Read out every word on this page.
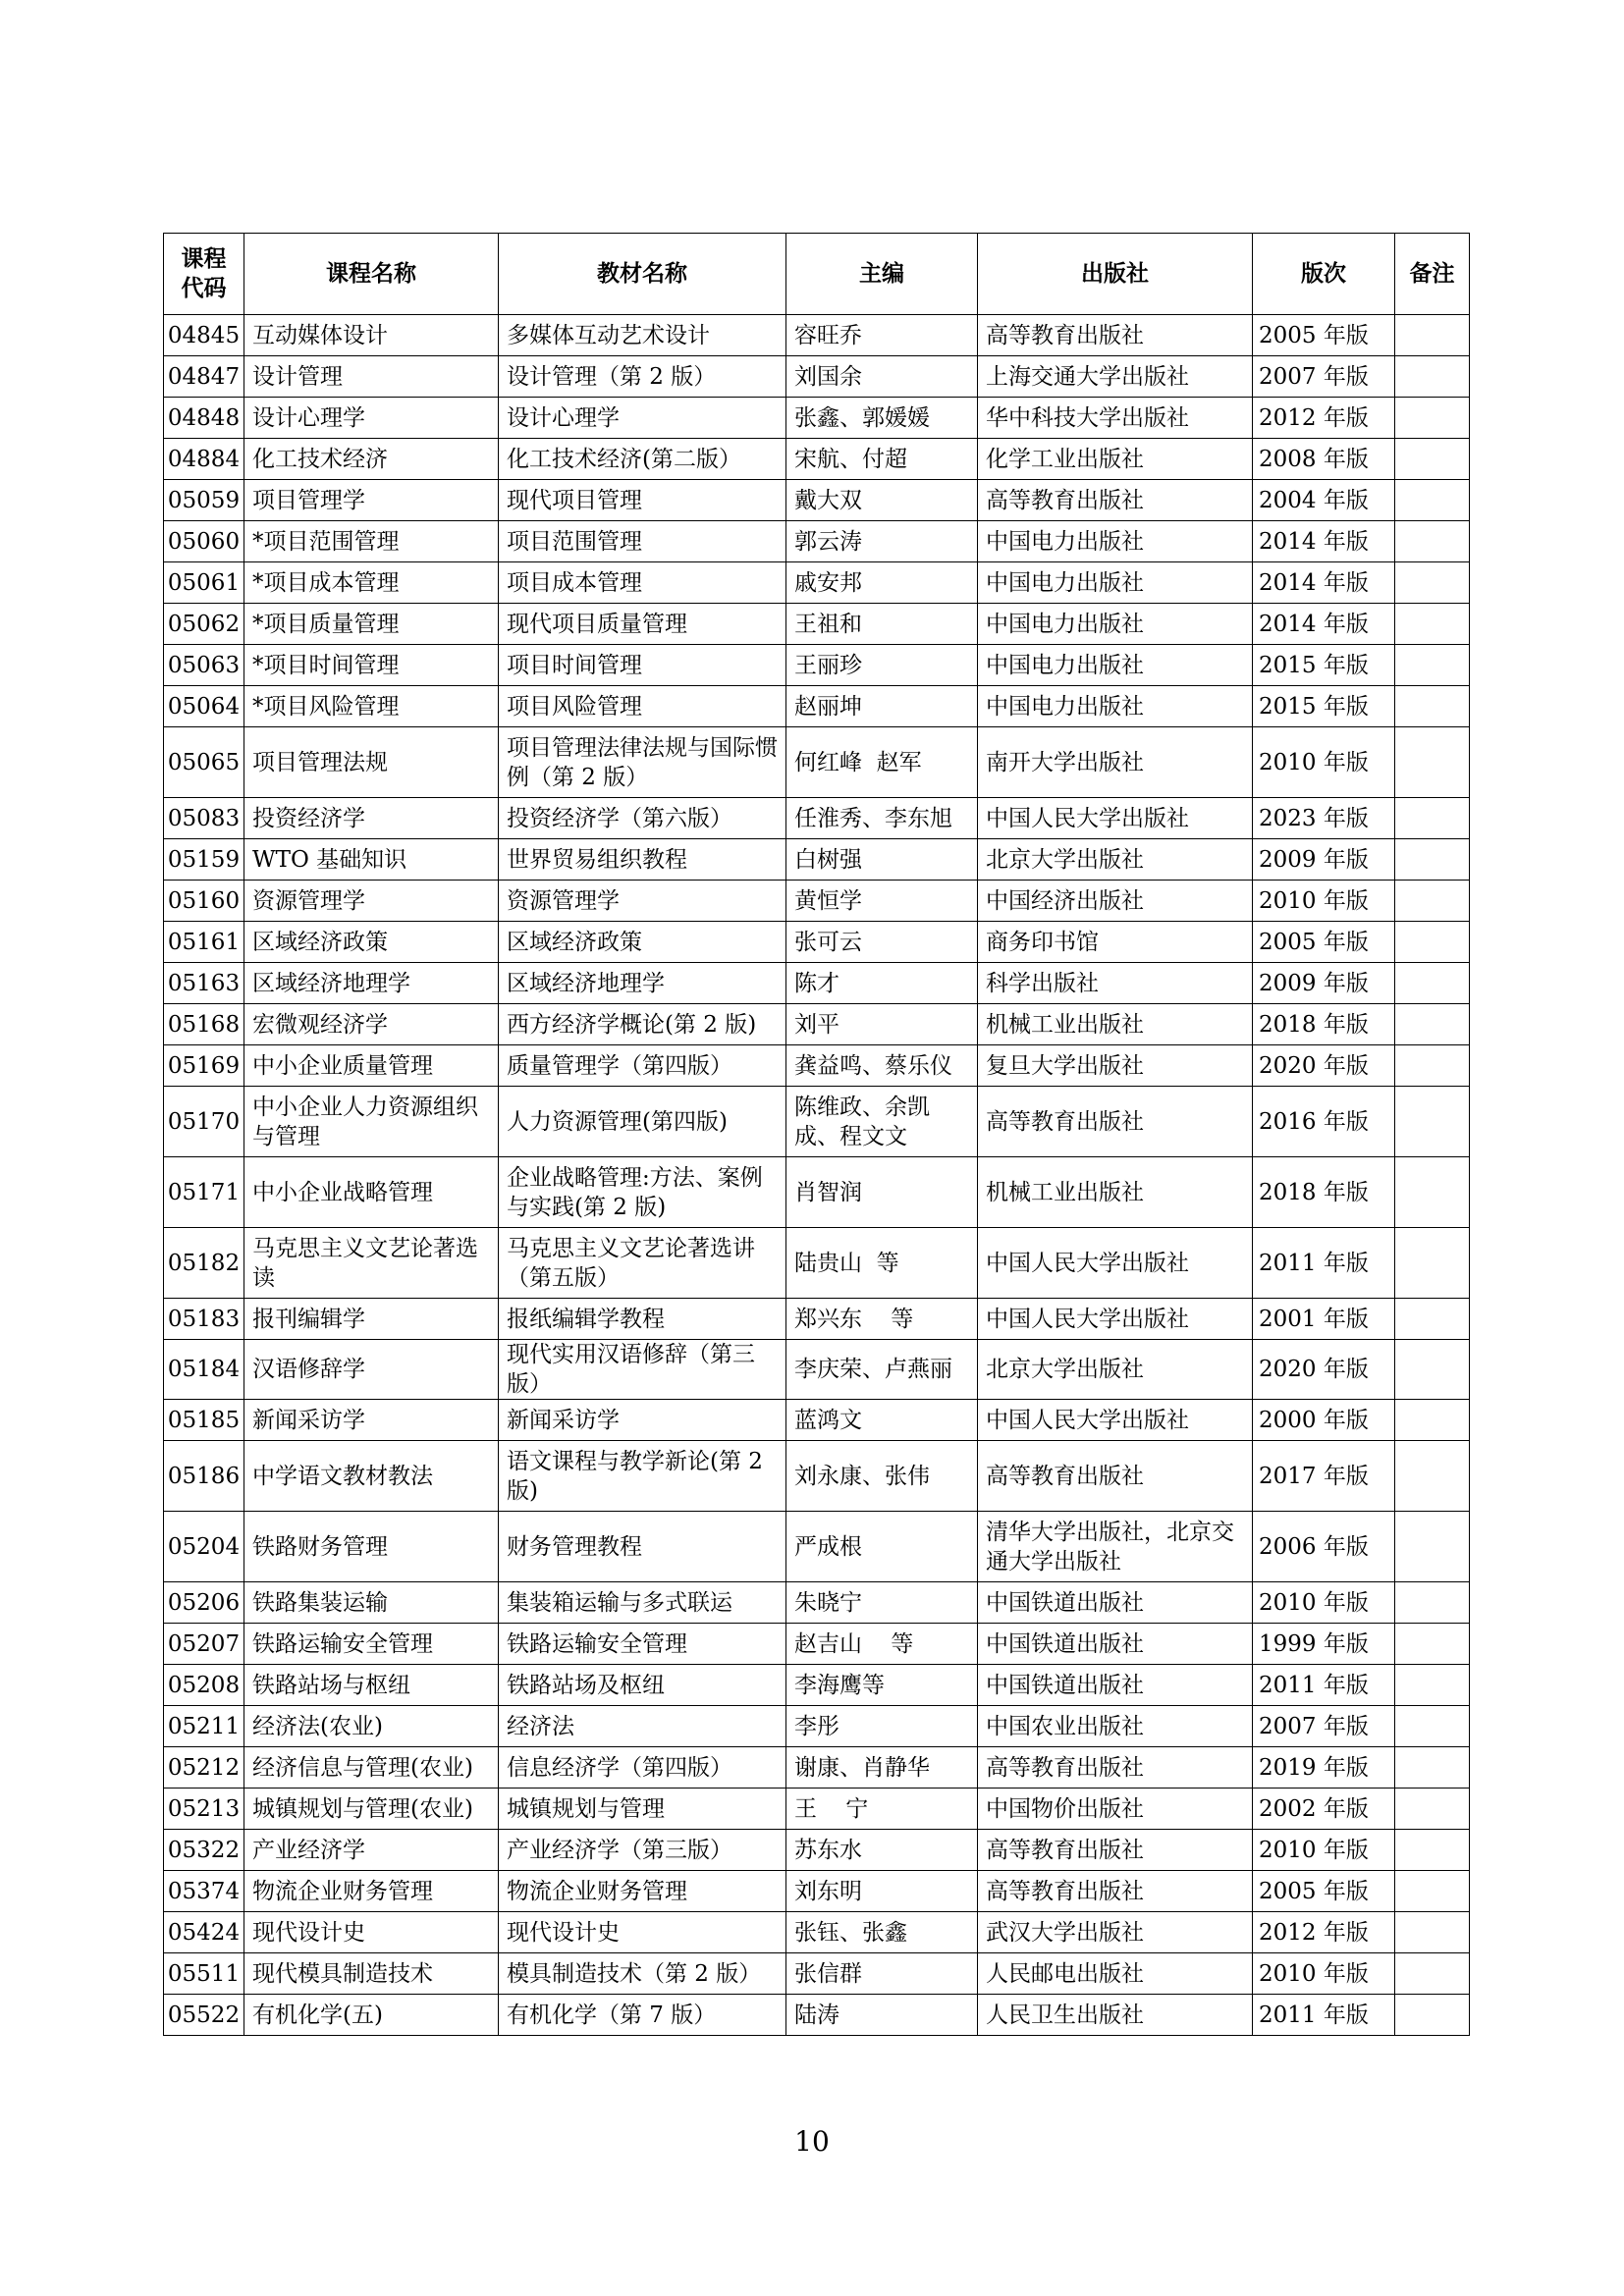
课程
代码	课程名称	教材名称	主编	出版社	版次	备注
04845	互动媒体设计	多媒体互动艺术设计	容旺乔	高等教育出版社	2005 年版	
04847	设计管理	设计管理（第 2 版）	刘国余	上海交通大学出版社	2007 年版	
04848	设计心理学	设计心理学	张鑫、郭媛媛	华中科技大学出版社	2012 年版	
04884	化工技术经济	化工技术经济(第二版）	宋航、付超	化学工业出版社	2008 年版	
05059	项目管理学	现代项目管理	戴大双	高等教育出版社	2004 年版	
05060	*项目范围管理	项目范围管理	郭云涛	中国电力出版社	2014 年版	
05061	*项目成本管理	项目成本管理	戚安邦	中国电力出版社	2014 年版	
05062	*项目质量管理	现代项目质量管理	王祖和	中国电力出版社	2014 年版	
05063	*项目时间管理	项目时间管理	王丽珍	中国电力出版社	2015 年版	
05064	*项目风险管理	项目风险管理	赵丽坤	中国电力出版社	2015 年版	
05065	项目管理法规	项目管理法律法规与国际惯例（第 2 版）	何红峰  赵军	南开大学出版社	2010 年版	
05083	投资经济学	投资经济学（第六版）	任淮秀、李东旭	中国人民大学出版社	2023 年版	
05159	WTO 基础知识	世界贸易组织教程	白树强	北京大学出版社	2009 年版	
05160	资源管理学	资源管理学	黄恒学	中国经济出版社	2010 年版	
05161	区域经济政策	区域经济政策	张可云	商务印书馆	2005 年版	
05163	区域经济地理学	区域经济地理学	陈才	科学出版社	2009 年版	
05168	宏微观经济学	西方经济学概论(第 2 版)	刘平	机械工业出版社	2018 年版	
05169	中小企业质量管理	质量管理学（第四版）	龚益鸣、蔡乐仪	复旦大学出版社	2020 年版	
05170	中小企业人力资源组织与管理	人力资源管理(第四版)	陈维政、余凯成、程文文	高等教育出版社	2016 年版	
05171	中小企业战略管理	企业战略管理:方法、案例与实践(第 2 版)	肖智润	机械工业出版社	2018 年版	
05182	马克思主义文艺论著选读	马克思主义文艺论著选讲（第五版）	陆贵山  等	中国人民大学出版社	2011 年版	
05183	报刊编辑学	报纸编辑学教程	郑兴东    等	中国人民大学出版社	2001 年版	
05184	汉语修辞学	现代实用汉语修辞（第三版）	李庆荣、卢燕丽	北京大学出版社	2020 年版	
05185	新闻采访学	新闻采访学	蓝鸿文	中国人民大学出版社	2000 年版	
05186	中学语文教材教法	语文课程与教学新论(第 2 版)	刘永康、张伟	高等教育出版社	2017 年版	
05204	铁路财务管理	财务管理教程	严成根	清华大学出版社，北京交通大学出版社	2006 年版	
05206	铁路集装运输	集装箱运输与多式联运	朱晓宁	中国铁道出版社	2010 年版	
05207	铁路运输安全管理	铁路运输安全管理	赵吉山    等	中国铁道出版社	1999 年版	
05208	铁路站场与枢纽	铁路站场及枢纽	李海鹰等	中国铁道出版社	2011 年版	
05211	经济法(农业)	经济法	李彤	中国农业出版社	2007 年版	
05212	经济信息与管理(农业)	信息经济学（第四版）	谢康、肖静华	高等教育出版社	2019 年版	
05213	城镇规划与管理(农业)	城镇规划与管理	王    宁	中国物价出版社	2002 年版	
05322	产业经济学	产业经济学（第三版）	苏东水	高等教育出版社	2010 年版	
05374	物流企业财务管理	物流企业财务管理	刘东明	高等教育出版社	2005 年版	
05424	现代设计史	现代设计史	张钰、张鑫	武汉大学出版社	2012 年版	
05511	现代模具制造技术	模具制造技术（第 2 版）	张信群	人民邮电出版社	2010 年版	
05522	有机化学(五)	有机化学（第 7 版）	陆涛	人民卫生出版社	2011 年版	
10
